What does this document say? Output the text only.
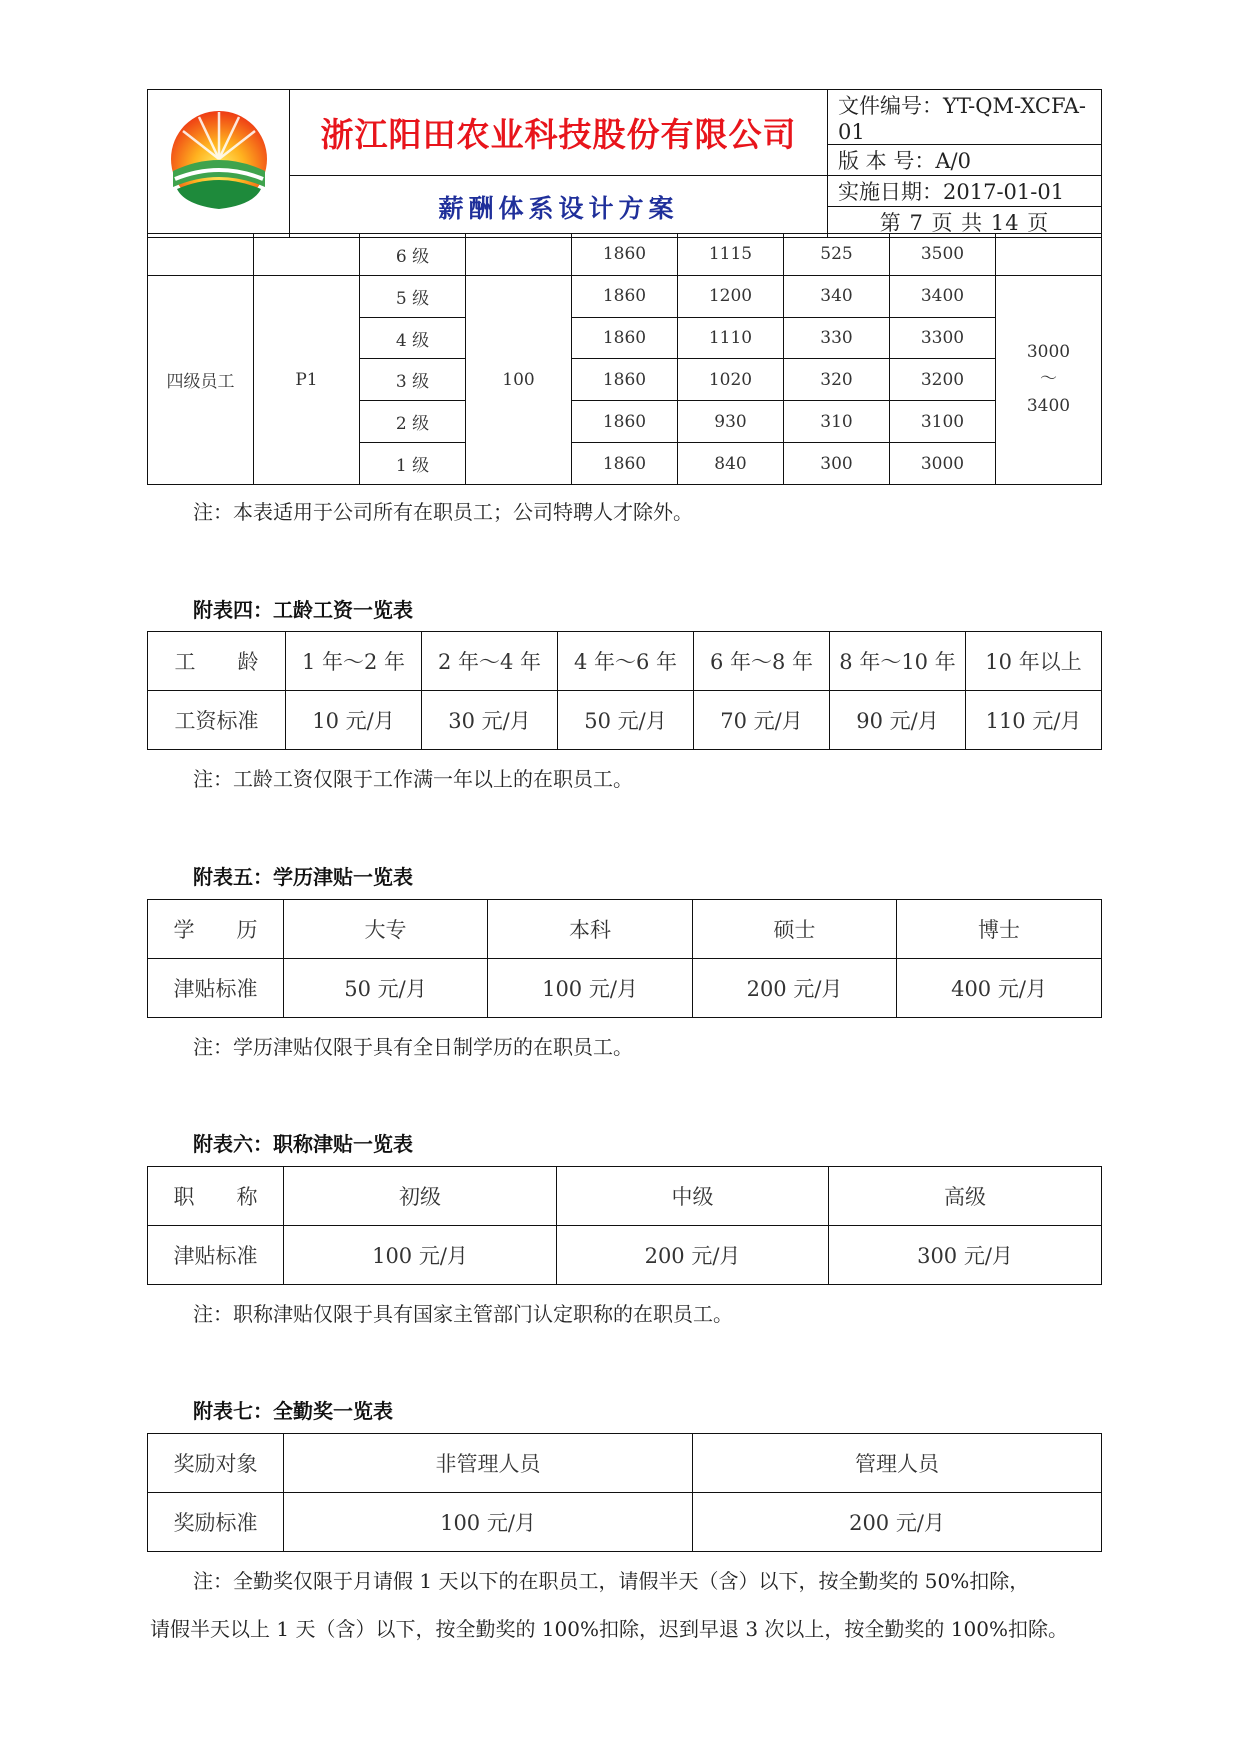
	浙江阳田农业科技股份有限公司	文件编号：YT-QM-XCFA-01
		版 本 号：A/0
	薪酬体系设计方案	实施日期：2017-01-01
		第 7 页 共 14 页
		6 级		1860	1115	525	3500	
四级员工	P1	5 级	100	1860	1200	340	3400	3000
～
3400
		4 级		1860	1110	330	3300	
		3 级		1860	1020	320	3200	
		2 级		1860	930	310	3100	
		1 级		1860	840	300	3000	
注：本表适用于公司所有在职员工；公司特聘人才除外。
附表四：工龄工资一览表
工　　龄	1 年～2 年	2 年～4 年	4 年～6 年	6 年～8 年	8 年～10 年	10 年以上
工资标准	10 元/月	30 元/月	50 元/月	70 元/月	90 元/月	110 元/月
注：工龄工资仅限于工作满一年以上的在职员工。
附表五：学历津贴一览表
学　　历	大专	本科	硕士	博士
津贴标准	50 元/月	100 元/月	200 元/月	400 元/月
注：学历津贴仅限于具有全日制学历的在职员工。
附表六：职称津贴一览表
职　　称	初级	中级	高级
津贴标准	100 元/月	200 元/月	300 元/月
注：职称津贴仅限于具有国家主管部门认定职称的在职员工。
附表七：全勤奖一览表
奖励对象	非管理人员	管理人员
奖励标准	100 元/月	200 元/月
注：全勤奖仅限于月请假 1 天以下的在职员工，请假半天（含）以下，按全勤奖的 50%扣除，
请假半天以上 1 天（含）以下，按全勤奖的 100%扣除，迟到早退 3 次以上，按全勤奖的 100%扣除。
